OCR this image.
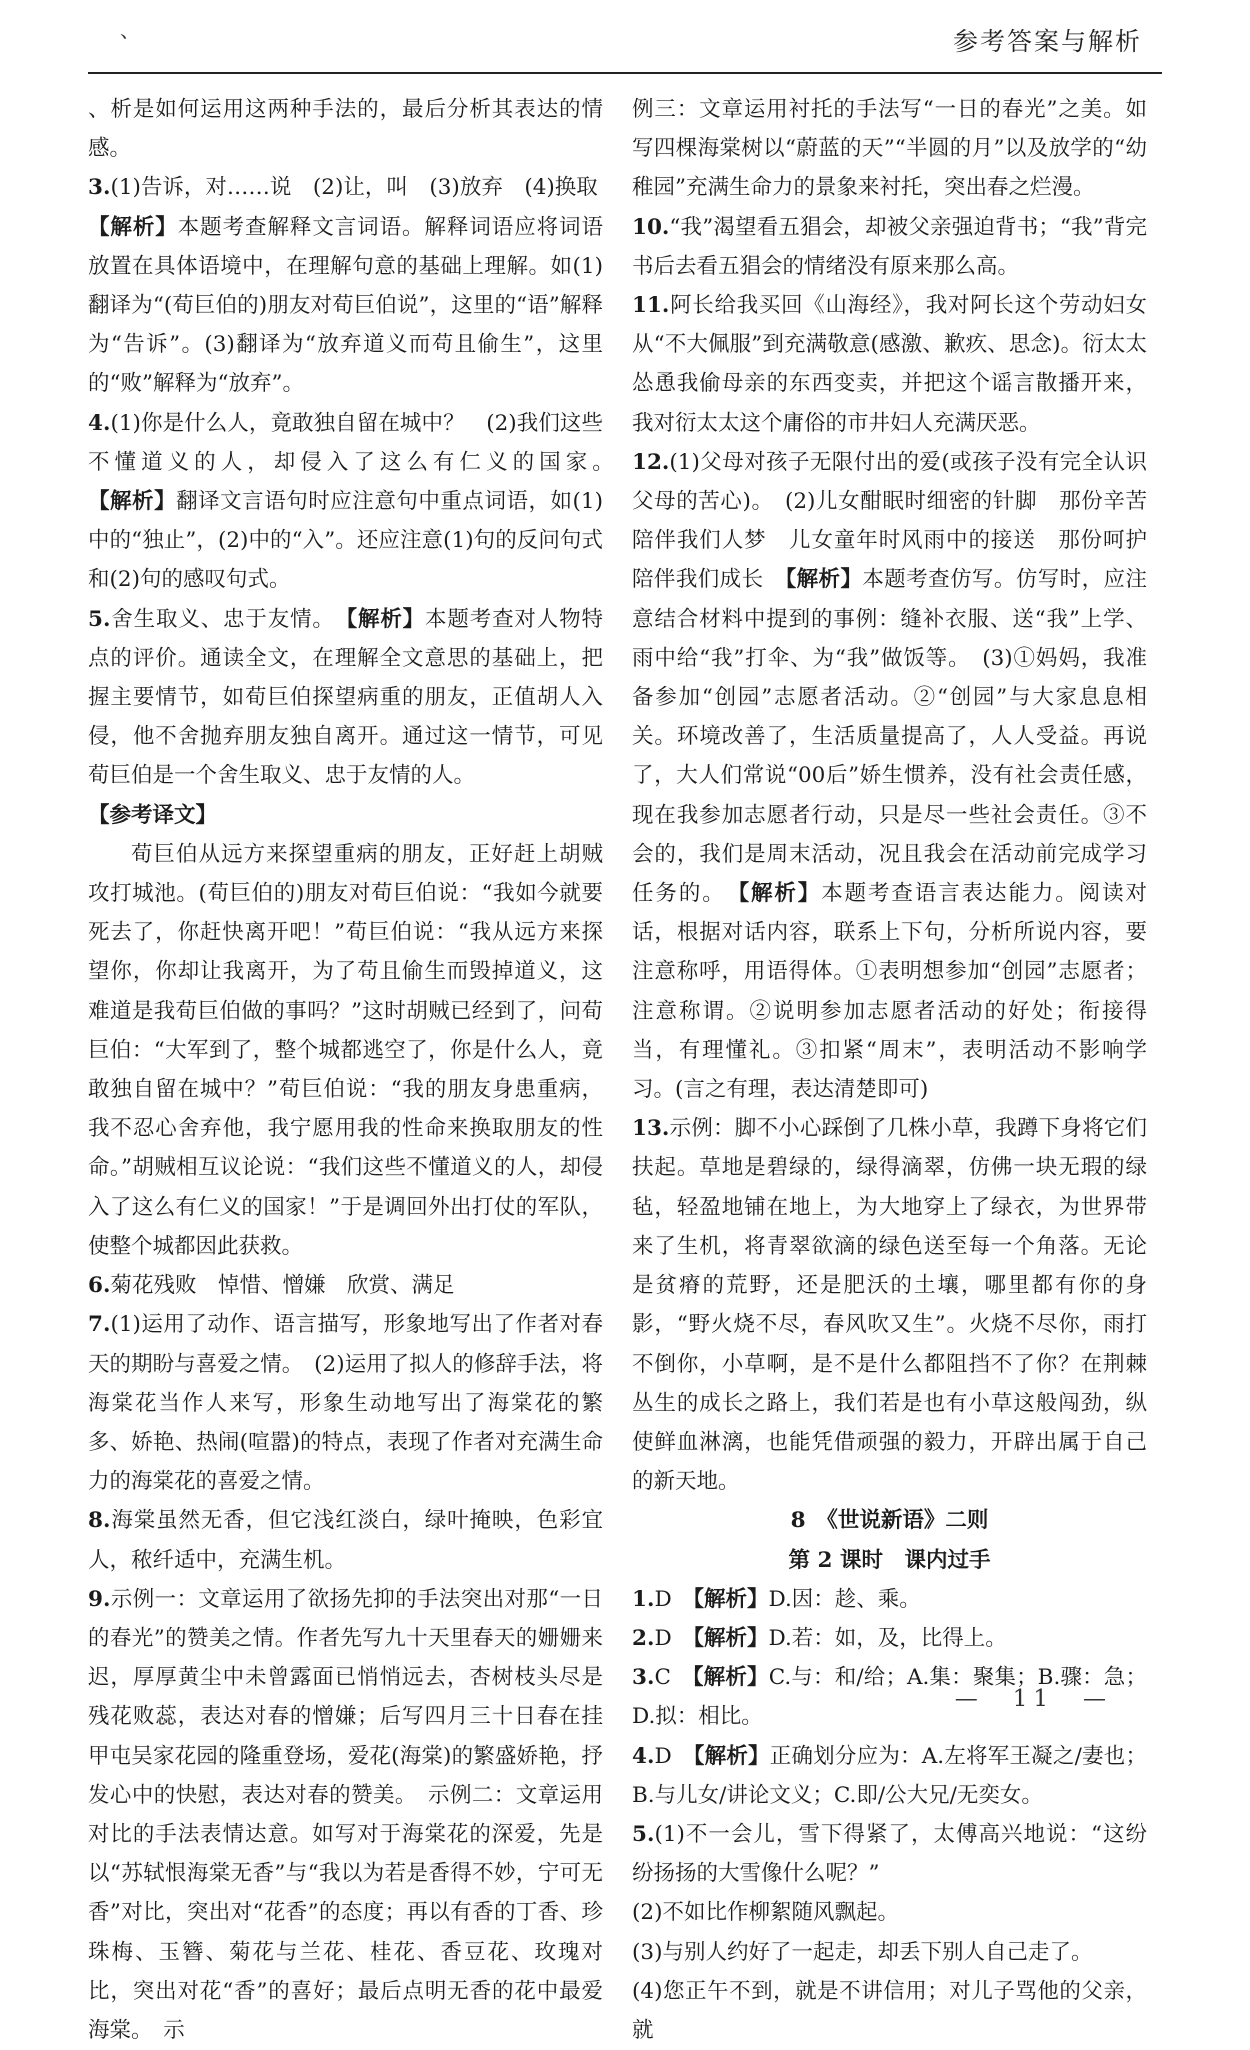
、	参考答案与解析

、析是如何运用这两种手法的，最后分析其表达的情感。

3.(1)告诉，对……说　(2)让，叫　(3)放弃　(4)换取
【解析】本题考查解释文言词语。解释词语应将词语放置在具体语境中，在理解句意的基础上理解。如(1)翻译为“(荀巨伯的)朋友对荀巨伯说”，这里的“语”解释为“告诉”。(3)翻译为“放弃道义而苟且偷生”，这里的“败”解释为“放弃”。

4.(1)你是什么人，竟敢独自留在城中？　(2)我们这些不懂道义的人，却侵入了这么有仁义的国家。　【解析】翻译文言语句时应注意句中重点词语，如(1)中的“独止”，(2)中的“入”。还应注意(1)句的反问句式和(2)句的感叹句式。

5.舍生取义、忠于友情。　 【解析】本题考查对人物特点的评价。通读全文，在理解全文意思的基础上，把握主要情节，如荀巨伯探望病重的朋友，正值胡人入侵，他不舍抛弃朋友独自离开。通过这一情节，可见荀巨伯是一个舍生取义、忠于友情的人。

【参考译文】

荀巨伯从远方来探望重病的朋友，正好赶上胡贼攻打城池。(荀巨伯的)朋友对荀巨伯说：“我如今就要死去了，你赶快离开吧！”荀巨伯说：“我从远方来探望你，你却让我离开，为了苟且偷生而毁掉道义，这难道是我荀巨伯做的事吗？”这时胡贼已经到了，问荀巨伯：“大军到了，整个城都逃空了，你是什么人，竟敢独自留在城中？”荀巨伯说：“我的朋友身患重病，我不忍心舍弃他，我宁愿用我的性命来换取朋友的性命。”胡贼相互议论说：“我们这些不懂道义的人，却侵入了这么有仁义的国家！”于是调回外出打仗的军队，使整个城都因此获救。

6.菊花残败　悼惜、憎嫌　欣赏、满足

7.(1)运用了动作、语言描写，形象地写出了作者对春天的期盼与喜爱之情。　(2)运用了拟人的修辞手法，将海棠花当作人来写，形象生动地写出了海棠花的繁多、娇艳、热闹(喧嚣)的特点，表现了作者对充满生命力的海棠花的喜爱之情。

8.海棠虽然无香，但它浅红淡白，绿叶掩映，色彩宜人，秾纤适中，充满生机。

9.示例一：文章运用了欲扬先抑的手法突出对那“一日的春光”的赞美之情。作者先写九十天里春天的姗姗来迟，厚厚黄尘中未曾露面已悄悄远去，杏树枝头尽是残花败蕊，表达对春的憎嫌；后写四月三十日春在挂甲屯吴家花园的隆重登场，爱花(海棠)的繁盛娇艳，抒发心中的快慰，表达对春的赞美。　示例二：文章运用对比的手法表情达意。如写对于海棠花的深爱，先是以“苏轼恨海棠无香”与“我以为若是香得不妙，宁可无香”对比，突出对“花香”的态度；再以有香的丁香、珍珠梅、玉簪、菊花与兰花、桂花、香豆花、玫瑰对比，突出对花“香”的喜好；最后点明无香的花中最爱海棠。　示

例三：文章运用衬托的手法写“一日的春光”之美。如写四棵海棠树以“蔚蓝的天”“半圆的月”以及放学的“幼稚园”充满生命力的景象来衬托，突出春之烂漫。

10.“我”渴望看五猖会，却被父亲强迫背书；“我”背完书后去看五猖会的情绪没有原来那么高。

11.阿长给我买回《山海经》，我对阿长这个劳动妇女从“不大佩服”到充满敬意(感激、歉疚、思念)。衍太太怂恿我偷母亲的东西变卖，并把这个谣言散播开来，我对衍太太这个庸俗的市井妇人充满厌恶。

12.(1)父母对孩子无限付出的爱(或孩子没有完全认识父母的苦心)。　(2)儿女酣眠时细密的针脚　那份辛苦陪伴我们人梦　儿女童年时风雨中的接送　那份呵护陪伴我们成长　 【解析】本题考查仿写。仿写时，应注意结合材料中提到的事例：缝补衣服、送“我”上学、雨中给“我”打伞、为“我”做饭等。　(3)①妈妈，我准备参加“创园”志愿者活动。②“创园”与大家息息相关。环境改善了，生活质量提高了，人人受益。再说了，大人们常说“00后”娇生惯养，没有社会责任感，现在我参加志愿者行动，只是尽一些社会责任。③不会的，我们是周末活动，况且我会在活动前完成学习任务的。　 【解析】本题考查语言表达能力。阅读对话，根据对话内容，联系上下句，分析所说内容，要注意称呼，用语得体。①表明想参加“创园”志愿者；注意称谓。②说明参加志愿者活动的好处；衔接得当，有理懂礼。③扣紧“周末”，表明活动不影响学习。(言之有理，表达清楚即可)

13.示例：脚不小心踩倒了几株小草，我蹲下身将它们扶起。草地是碧绿的，绿得滴翠，仿佛一块无瑕的绿毡，轻盈地铺在地上，为大地穿上了绿衣，为世界带来了生机，将青翠欲滴的绿色送至每一个角落。无论是贫瘠的荒野，还是肥沃的土壤，哪里都有你的身影，“野火烧不尽，春风吹又生”。火烧不尽你，雨打不倒你，小草啊，是不是什么都阻挡不了你？在荆棘丛生的成长之路上，我们若是也有小草这般闯劲，纵使鲜血淋漓，也能凭借顽强的毅力，开辟出属于自己的新天地。

8　《世说新语》二则

第 2 课时　课内过手

1.D　 【解析】D.因：趁、乘。

2.D　 【解析】D.若：如，及，比得上。

3.C　 【解析】C.与：和/给；A.集：聚集；B.骤：急；D.拟：相比。

4.D　 【解析】正确划分应为：A.左将军王凝之/妻也；B.与儿女/讲论文义；C.即/公大兄/无奕女。

5.(1)不一会儿，雪下得紧了，太傅高兴地说：“这纷纷扬扬的大雪像什么呢？”

(2)不如比作柳絮随风飘起。

(3)与别人约好了一起走，却丢下别人自己走了。

(4)您正午不到，就是不讲信用；对儿子骂他的父亲，就

—　11　—
